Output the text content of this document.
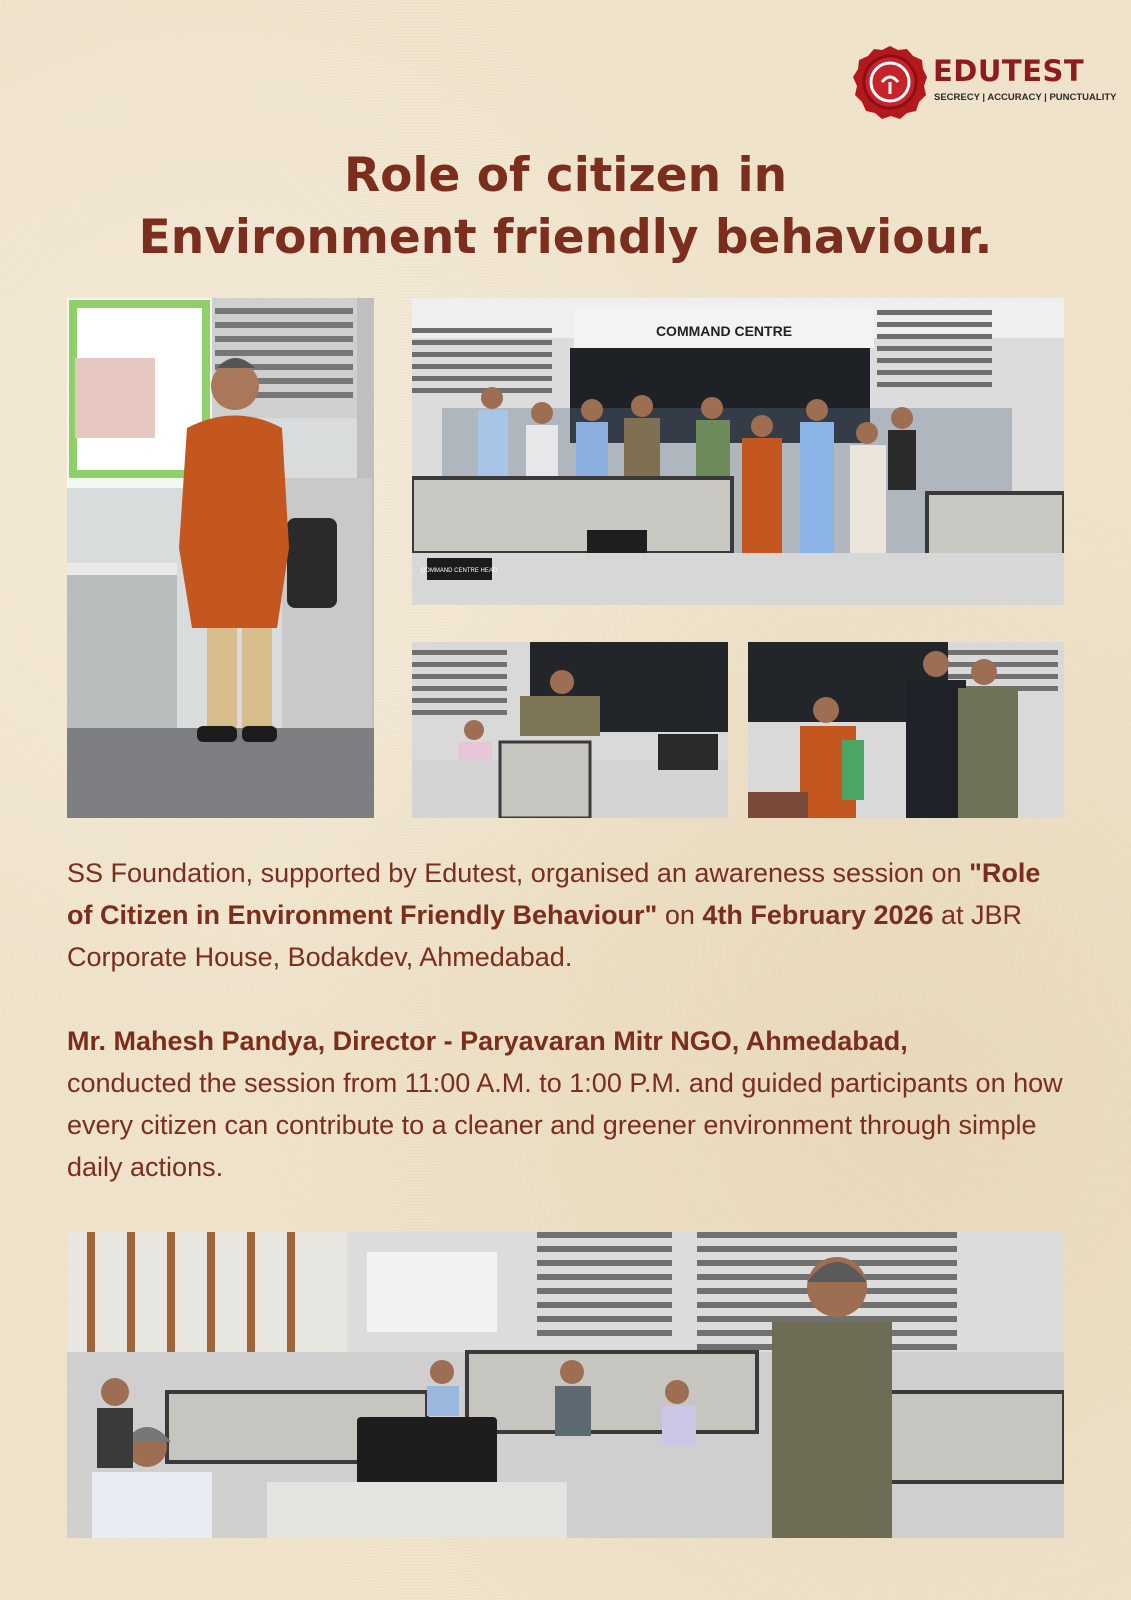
EDUTEST
SECRECY | ACCURACY | PUNCTUALITY
Role of citizen in
Environment friendly behaviour.
COMMAND CENTRE
COMMAND CENTRE HEAD
SS Foundation, supported by Edutest, organised an awareness session on "Role of Citizen in Environment Friendly Behaviour" on 4th February 2026 at JBR Corporate House, Bodakdev, Ahmedabad.
Mr. Mahesh Pandya, Director - Paryavaran Mitr NGO, Ahmedabad,
conducted the session from 11:00 A.M. to 1:00 P.M. and guided participants on how every citizen can contribute to a cleaner and greener environment through simple daily actions.
